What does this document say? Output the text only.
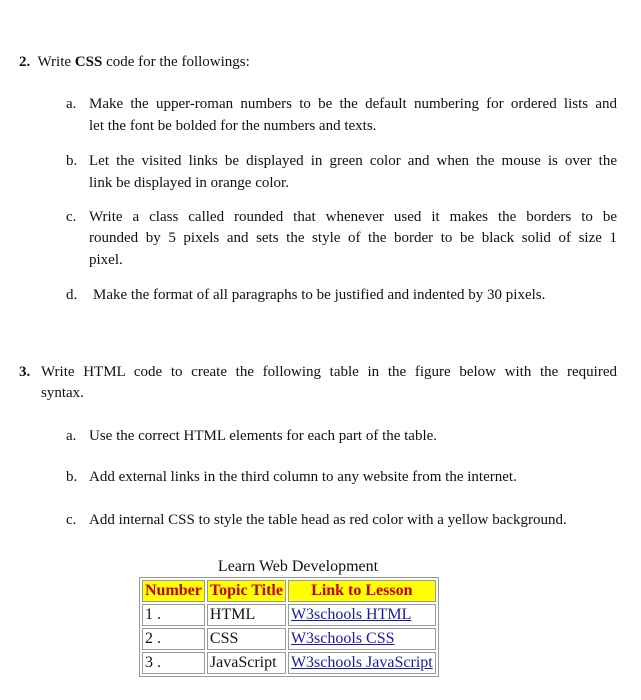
2. Write CSS code for the followings:
a. Make the upper-roman numbers to be the default numbering for ordered lists and
let the font be bolded for the numbers and texts.
b. Let the visited links be displayed in green color and when the mouse is over the
link be displayed in orange color.
c. Write a class called rounded that whenever used it makes the borders to be
rounded by 5 pixels and sets the style of the border to be black solid of size 1
pixel.
d. Make the format of all paragraphs to be justified and indented by 30 pixels.
3. Write HTML code to create the following table in the figure below with the required
syntax.
a. Use the correct HTML elements for each part of the table.
b. Add external links in the third column to any website from the internet.
c. Add internal CSS to style the table head as red color with a yellow background.
Learn Web Development
Number	Topic Title	Link to Lesson
1 .	HTML	W3schools HTML
2 .	CSS	W3schools CSS
3 .	JavaScript	W3schools JavaScript
